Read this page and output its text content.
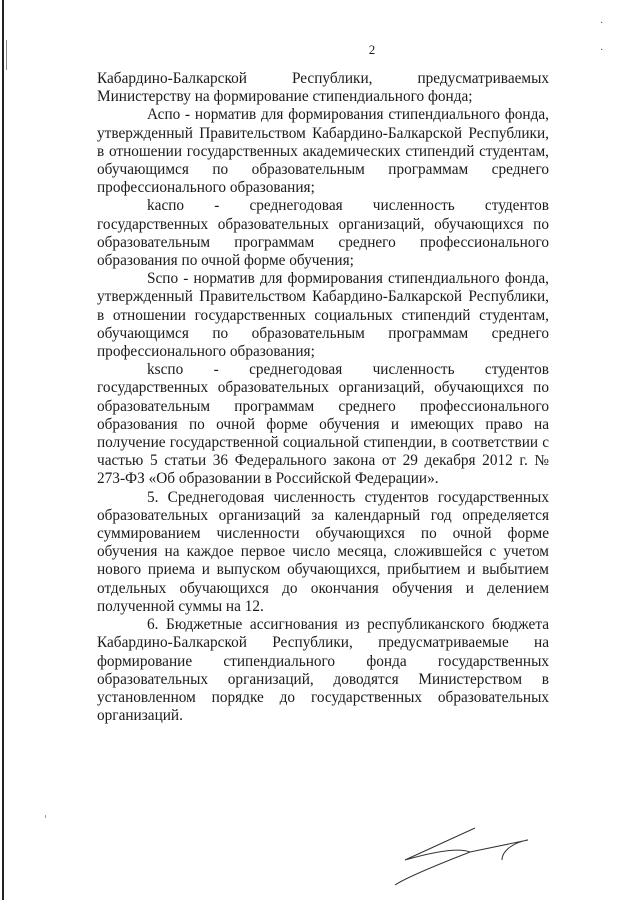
2
·
·

Кабардино-Балкарской Республики, предусматриваемых Министерству на формирование стипендиального фонда;

Аспо - норматив для формирования стипендиального фонда, утвержденный Правительством Кабардино-Балкарской Республики, в отношении государственных академических стипендий студентам, обучающимся по образовательным программам среднего профессионального образования;

kacпо - среднегодовая численность студентов государственных образовательных организаций, обучающихся по образовательным программам среднего профессионального образования по очной форме обучения;

Scпо - норматив для формирования стипендиального фонда, утвержденный Правительством Кабардино-Балкарской Республики, в отношении государственных социальных стипендий студентам, обучающимся по образовательным программам среднего профессионального образования;

kscпо - среднегодовая численность студентов государственных образовательных организаций, обучающихся по образовательным программам среднего профессионального образования по очной форме обучения и имеющих право на получение государственной социальной стипендии, в соответствии с частью 5 статьи 36 Федерального закона от 29 декабря 2012 г. № 273-ФЗ «Об образовании в Российской Федерации».

5. Среднегодовая численность студентов государственных образовательных организаций за календарный год определяется суммированием численности обучающихся по очной форме обучения на каждое первое число месяца, сложившейся с учетом нового приема и выпуском обучающихся, прибытием и выбытием отдельных обучающихся до окончания обучения и делением полученной суммы на 12.

6. Бюджетные ассигнования из республиканского бюджета Кабардино-Балкарской Республики, предусматриваемые на формирование стипендиального фонда государственных образовательных организаций, доводятся Министерством в установленном порядке до государственных образовательных организаций.
